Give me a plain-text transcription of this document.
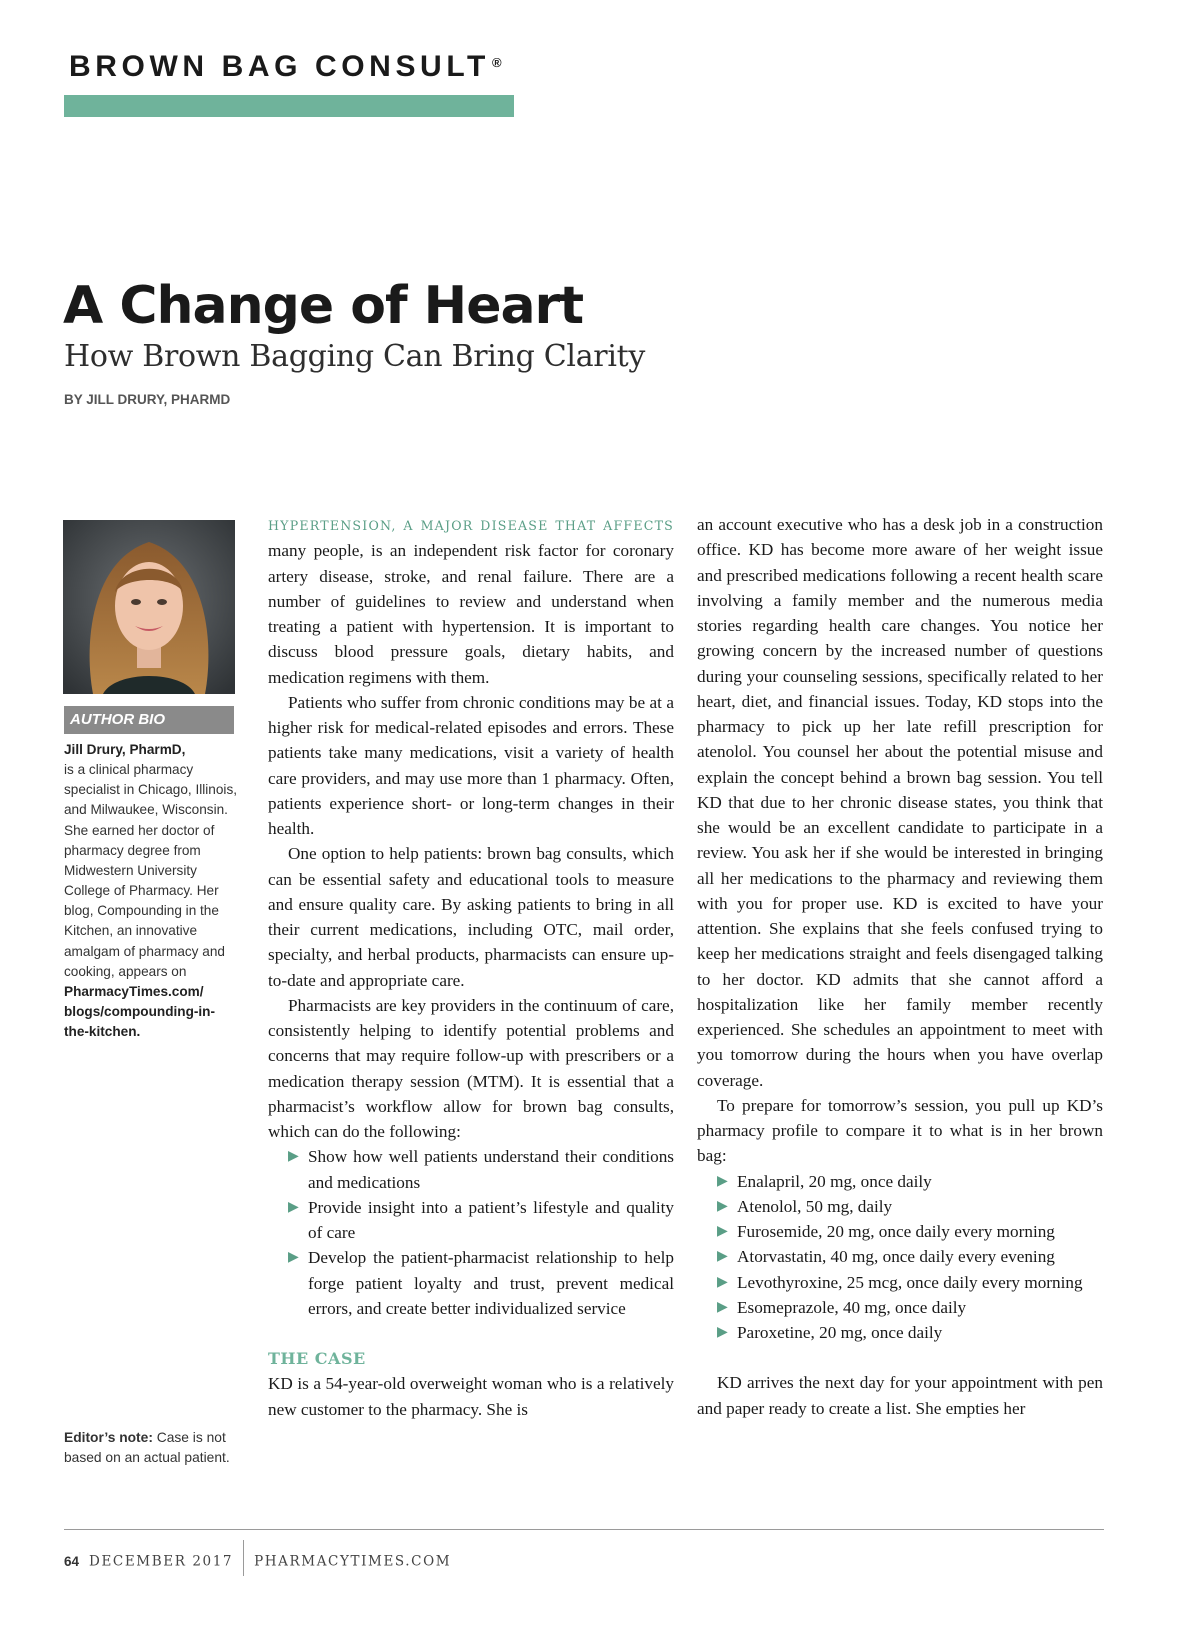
BROWN BAG CONSULT ®
A Change of Heart
How Brown Bagging Can Bring Clarity
BY JILL DRURY, PHARMD
AUTHOR BIO
Jill Drury, PharmD,
is a clinical pharmacy specialist in Chicago, Illinois, and Milwaukee, Wisconsin. She earned her doctor of pharmacy degree from Midwestern University College of Pharmacy. Her blog, Compounding in the Kitchen, an innovative amalgam of pharmacy and cooking, appears on PharmacyTimes.com/ blogs/compounding-in- the-kitchen.
Editor’s note: Case is not based on an actual patient.

HYPERTENSION, A MAJOR DISEASE THAT AFFECTS many people, is an independent risk factor for coronary artery disease, stroke, and renal failure. There are a number of guidelines to review and understand when treating a patient with hypertension. It is important to discuss blood pressure goals, dietary habits, and medication regimens with them.

Patients who suffer from chronic conditions may be at a higher risk for medical-related episodes and errors. These patients take many medications, visit a variety of health care providers, and may use more than 1 pharmacy. Often, patients experience short- or long-term changes in their health.

One option to help patients: brown bag consults, which can be essential safety and educational tools to measure and ensure quality care. By asking patients to bring in all their current medications, including OTC, mail order, specialty, and herbal products, pharmacists can ensure up-to-date and appropriate care.

Pharmacists are key providers in the continuum of care, consistently helping to identify potential problems and concerns that may require follow-up with prescribers or a medication therapy session (MTM). It is essential that a pharmacist’s workflow allow for brown bag consults, which can do the following:

▶ Show how well patients understand their conditions and medications
▶ Provide insight into a patient’s lifestyle and quality of care
▶ Develop the patient-pharmacist relationship to help forge patient loyalty and trust, prevent medical errors, and create better individualized service
THE CASE

KD is a 54-year-old overweight woman who is a relatively new customer to the pharmacy. She is

an account executive who has a desk job in a construction office. KD has become more aware of her weight issue and prescribed medications following a recent health scare involving a family member and the numerous media stories regarding health care changes. You notice her growing concern by the increased number of questions during your counseling sessions, specifically related to her heart, diet, and financial issues. Today, KD stops into the pharmacy to pick up her late refill prescription for atenolol. You counsel her about the potential misuse and explain the concept behind a brown bag session. You tell KD that due to her chronic disease states, you think that she would be an excellent candidate to participate in a review. You ask her if she would be interested in bringing all her medications to the pharmacy and reviewing them with you for proper use. KD is excited to have your attention. She explains that she feels confused trying to keep her medications straight and feels disengaged talking to her doctor. KD admits that she cannot afford a hospitalization like her family member recently experienced. She schedules an appointment to meet with you tomorrow during the hours when you have overlap coverage.

To prepare for tomorrow’s session, you pull up KD’s pharmacy profile to compare it to what is in her brown bag:

▶ Enalapril, 20 mg, once daily
▶ Atenolol, 50 mg, daily
▶ Furosemide, 20 mg, once daily every morning
▶ Atorvastatin, 40 mg, once daily every evening
▶ Levothyroxine, 25 mcg, once daily every morning
▶ Esomeprazole, 40 mg, once daily
▶ Paroxetine, 20 mg, once daily

KD arrives the next day for your appointment with pen and paper ready to create a list. She empties her

64 DECEMBER 2017 PHARMACYTIMES.COM
